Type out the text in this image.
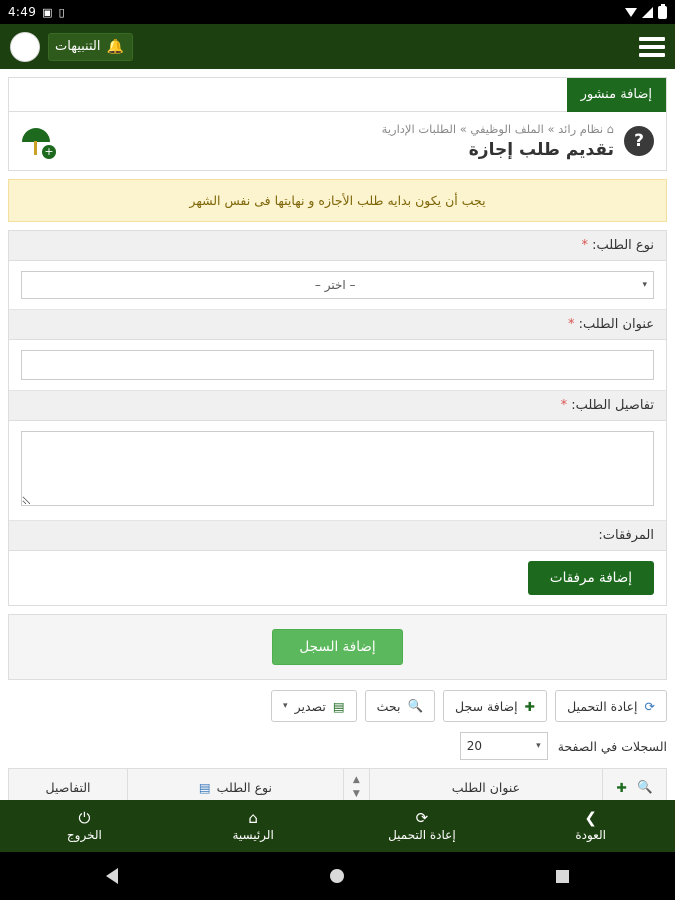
4:49 ▣ ▯
🔔
التنبيهات
إضافة منشور
?
⌂ نظام رائد » الملف الوظيفي » الطلبات الإدارية
تقديم طلب إجازة
+
يجب أن يكون بدايه طلب الأجازه و نهايتها فى نفس الشهر
نوع الطلب: *
▾
– اختر –
عنوان الطلب: *
تفاصيل الطلب: *
المرفقات:
إضافة مرفقات
إضافة السجل
⟳
إعادة التحميل
✚
إضافة سجل
🔍
بحث
▤
تصدير
▾
السجلات في الصفحة
▾
20
🔍
✚
عنوان الطلب
▲
▼
نوع الطلب
▤
التفاصيل
❯
العودة
⟳
إعادة التحميل
⌂
الرئيسية
⏻
الخروج
